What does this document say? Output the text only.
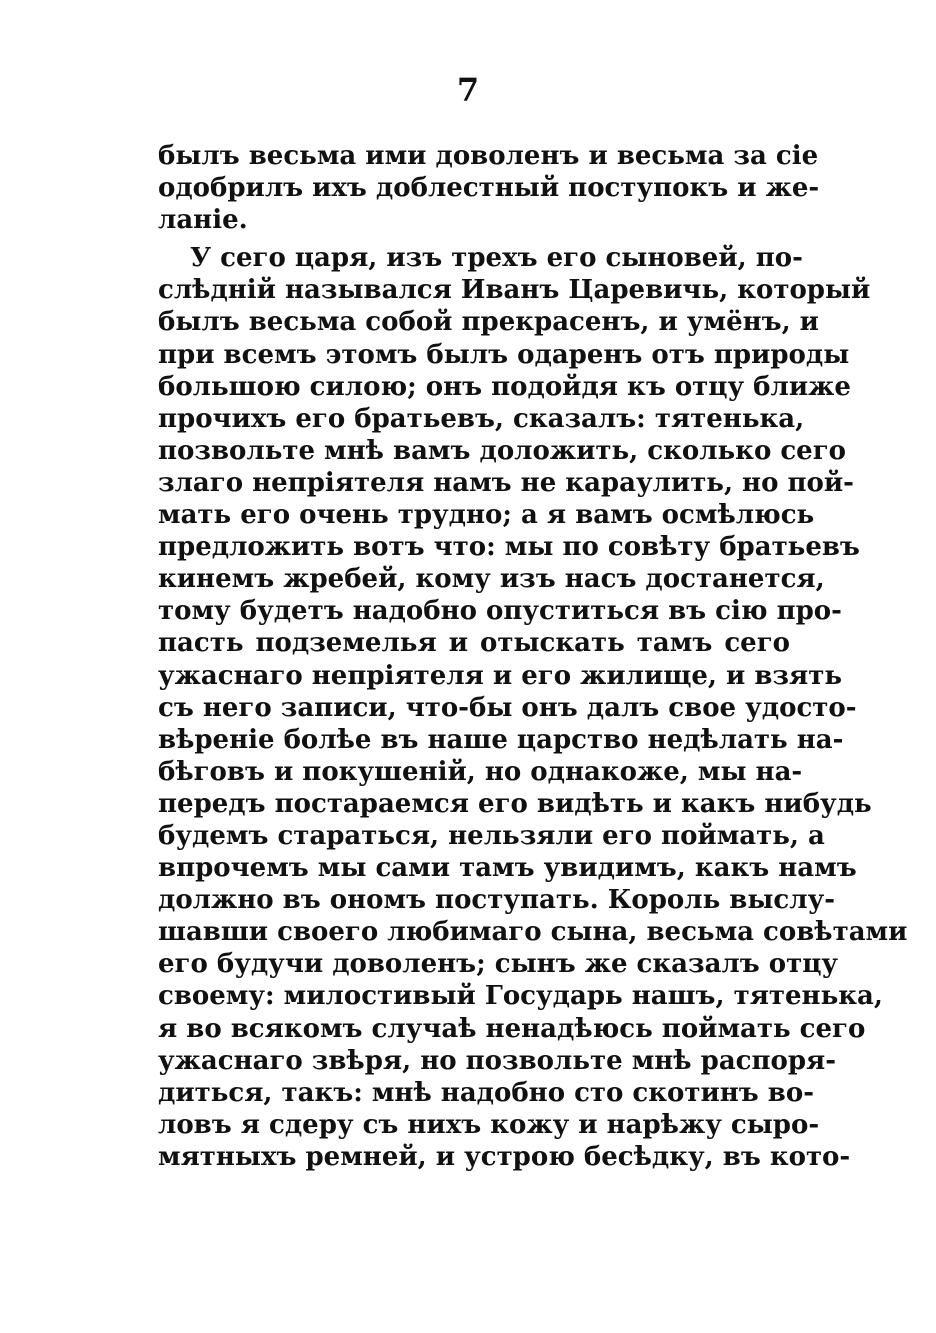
7
былъ весьма ими доволенъ и весьма за сіе
одобрилъ ихъ доблестный поступокъ и же-
ланіе.
У сего царя, изъ трехъ его сыновей, по-
слѣдній назывался Иванъ Царевичь, который
былъ весьма собой прекрасенъ, и умёнъ, и
при всемъ этомъ былъ одаренъ отъ природы
большою силою; онъ подойдя къ отцу ближе
прочихъ его братьевъ, сказалъ: тятенька,
позвольте мнѣ вамъ доложить, сколько сего
злаго непріятеля намъ не караулить, но пой-
мать его очень трудно; а я вамъ осмѣлюсь
предложить вотъ что: мы по совѣту братьевъ
кинемъ жребей, кому изъ насъ достанется,
тому будетъ надобно опуститься въ сію про-
пасть подземелья и отыскать тамъ сего
ужаснаго непріятеля и его жилище, и взять
съ него записи, что-бы онъ далъ свое удосто-
вѣреніе болѣе въ наше царство недѣлать на-
бѣговъ и покушеній, но однакоже, мы на-
передъ постараемся его видѣть и какъ нибудь
будемъ стараться, нельзяли его поймать, а
впрочемъ мы сами тамъ увидимъ, какъ намъ
должно въ ономъ поступать. Король выслу-
шавши своего любимаго сына, весьма совѣтами
его будучи доволенъ; сынъ же сказалъ отцу
своему: милостивый Государь нашъ, тятенька,
я во всякомъ случаѣ ненадѣюсь поймать сего
ужаснаго звѣря, но позвольте мнѣ распоря-
диться, такъ: мнѣ надобно сто скотинъ во-
ловъ я сдеру съ нихъ кожу и нарѣжу сыро-
мятныхъ ремней, и устрою бесѣдку, въ кото-
